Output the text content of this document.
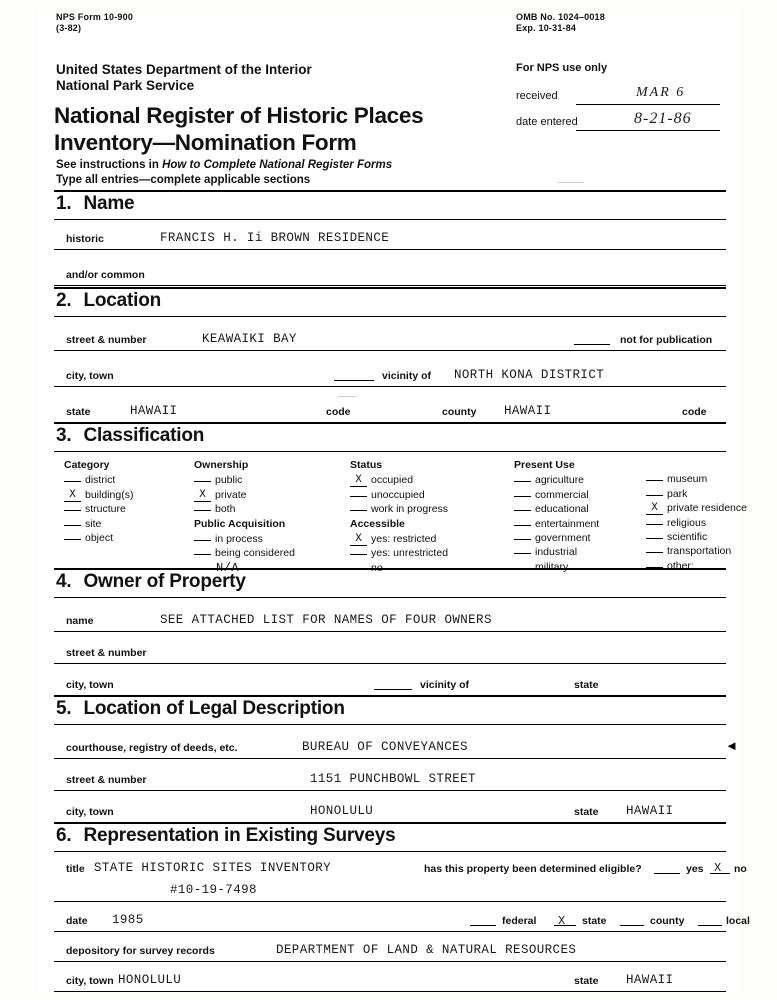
NPS Form 10-900
(3-82)
OMB No. 1024–0018
Exp. 10-31-84
United States Department of the Interior
National Park Service
National Register of Historic Places
Inventory—Nomination Form
For NPS use only
received	MAR 6
date entered	8-21-86
See instructions in How to Complete National Register Forms
Type all entries—complete applicable sections
1. Name
historic	FRANCIS H. Ii BROWN RESIDENCE
and/or common
2. Location
street & number	KEAWAIKI BAY	not for publication
city, town	vicinity of NORTH KONA DISTRICT
state	HAWAII	code	county HAWAII	code
3. Classification
Category
district
X building(s)
structure
site
object
Ownership
public
X private
both
Public Acquisition
in process
being considered
N/A
Status
X occupied
unoccupied
work in progress
Accessible
X yes: restricted
yes: unrestricted
no
Present Use
agriculture
commercial
educational
entertainment
government
industrial
military
museum
park
X private residence
religious
scientific
transportation
other:
4. Owner of Property
name	SEE ATTACHED LIST FOR NAMES OF FOUR OWNERS
street & number
city, town	vicinity of	state
5. Location of Legal Description
courthouse, registry of deeds, etc.	BUREAU OF CONVEYANCES
street & number	1151 PUNCHBOWL STREET
city, town	HONOLULU	state HAWAII
6. Representation in Existing Surveys
title STATE HISTORIC SITES INVENTORY	has this property been determined eligible?	yes X no
#10-19-7498
date 1985	federal X state	county	local
depository for survey records	DEPARTMENT OF LAND & NATURAL RESOURCES
city, town HONOLULU	state HAWAII
◄
